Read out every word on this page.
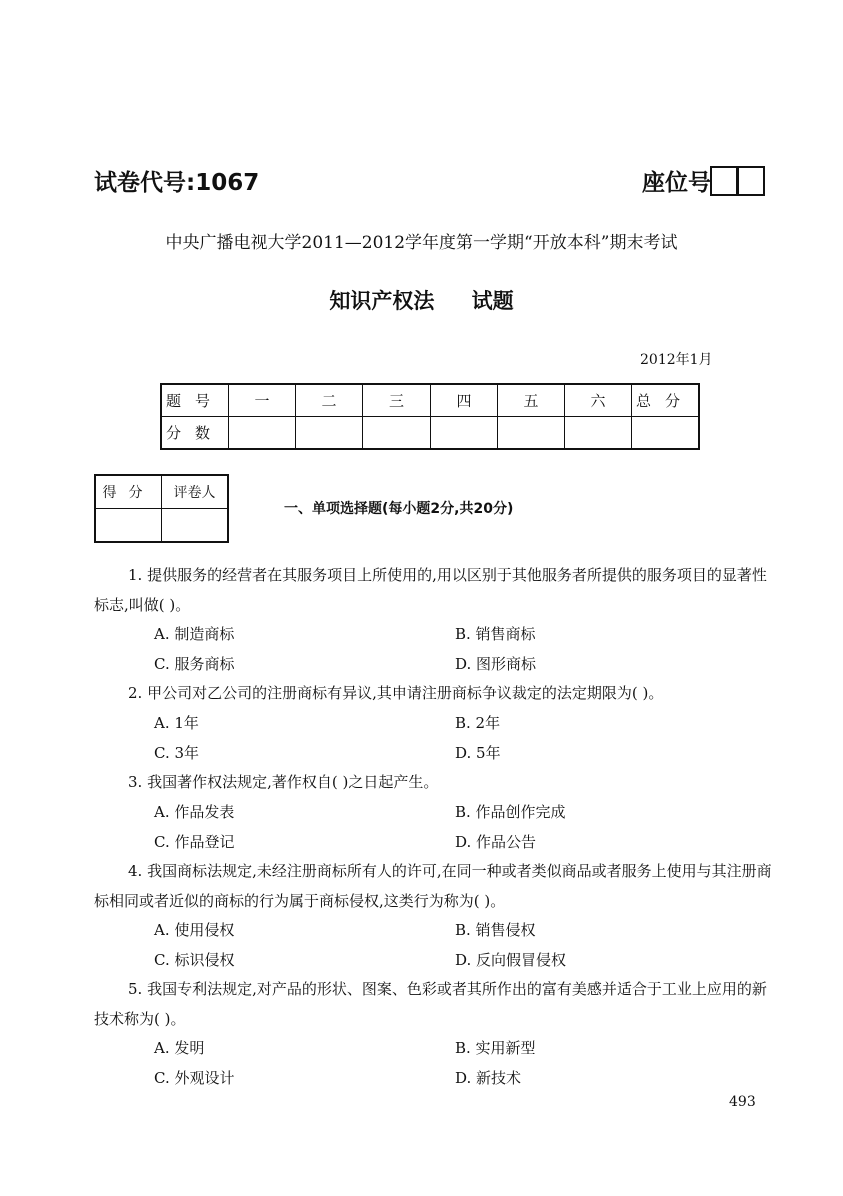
试卷代号:1067	座位号
中央广播电视大学2011—2012学年度第一学期“开放本科”期末考试
知识产权法 试题
2012年1月
题号	一	二	三	四	五	六	总分
分数							
得分	评卷人

一、单项选择题(每小题2分,共20分)
1. 提供服务的经营者在其服务项目上所使用的,用以区别于其他服务者所提供的服务项目的显著性标志,叫做( )。
A. 制造商标	B. 销售商标
C. 服务商标	D. 图形商标
2. 甲公司对乙公司的注册商标有异议,其申请注册商标争议裁定的法定期限为( )。
A. 1年	B. 2年
C. 3年	D. 5年
3. 我国著作权法规定,著作权自( )之日起产生。
A. 作品发表	B. 作品创作完成
C. 作品登记	D. 作品公告
4. 我国商标法规定,未经注册商标所有人的许可,在同一种或者类似商品或者服务上使用与其注册商标相同或者近似的商标的行为属于商标侵权,这类行为称为( )。
A. 使用侵权	B. 销售侵权
C. 标识侵权	D. 反向假冒侵权
5. 我国专利法规定,对产品的形状、图案、色彩或者其所作出的富有美感并适合于工业上应用的新技术称为( )。
A. 发明	B. 实用新型
C. 外观设计	D. 新技术
493
